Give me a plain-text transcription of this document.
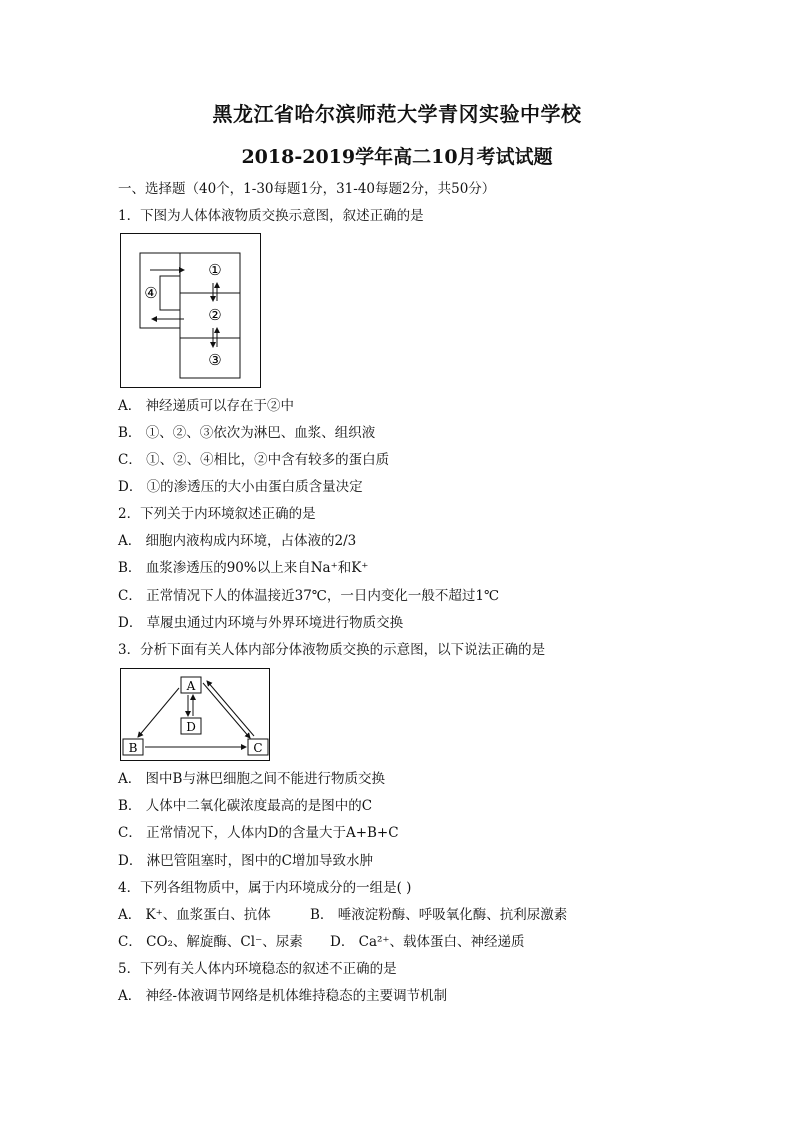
黑龙江省哈尔滨师范大学青冈实验中学校
2018-2019学年高二10月考试试题
一、选择题（40个，1-30每题1分，31-40每题2分，共50分）
1．下图为人体体液物质交换示意图，叙述正确的是
①
②
③
④
A． 神经递质可以存在于②中
B． ①、②、③依次为淋巴、血浆、组织液
C． ①、②、④相比，②中含有较多的蛋白质
D． ①的渗透压的大小由蛋白质含量决定
2．下列关于内环境叙述正确的是
A． 细胞内液构成内环境，占体液的2/3
B． 血浆渗透压的90%以上来自Na⁺和K⁺
C． 正常情况下人的体温接近37℃，一日内变化一般不超过1℃
D． 草履虫通过内环境与外界环境进行物质交换
3．分析下面有关人体内部分体液物质交换的示意图，以下说法正确的是
A
B	C
D
A． 图中B与淋巴细胞之间不能进行物质交换
B． 人体中二氧化碳浓度最高的是图中的C
C． 正常情况下，人体内D的含量大于A+B+C
D． 淋巴管阻塞时，图中的C增加导致水肿
4．下列各组物质中，属于内环境成分的一组是( )
A． K⁺、血浆蛋白、抗体	B． 唾液淀粉酶、呼吸氧化酶、抗利尿激素
C． CO₂、解旋酶、Cl⁻、尿素 D． Ca²⁺、载体蛋白、神经递质
5．下列有关人体内环境稳态的叙述不正确的是
A． 神经-体液调节网络是机体维持稳态的主要调节机制
